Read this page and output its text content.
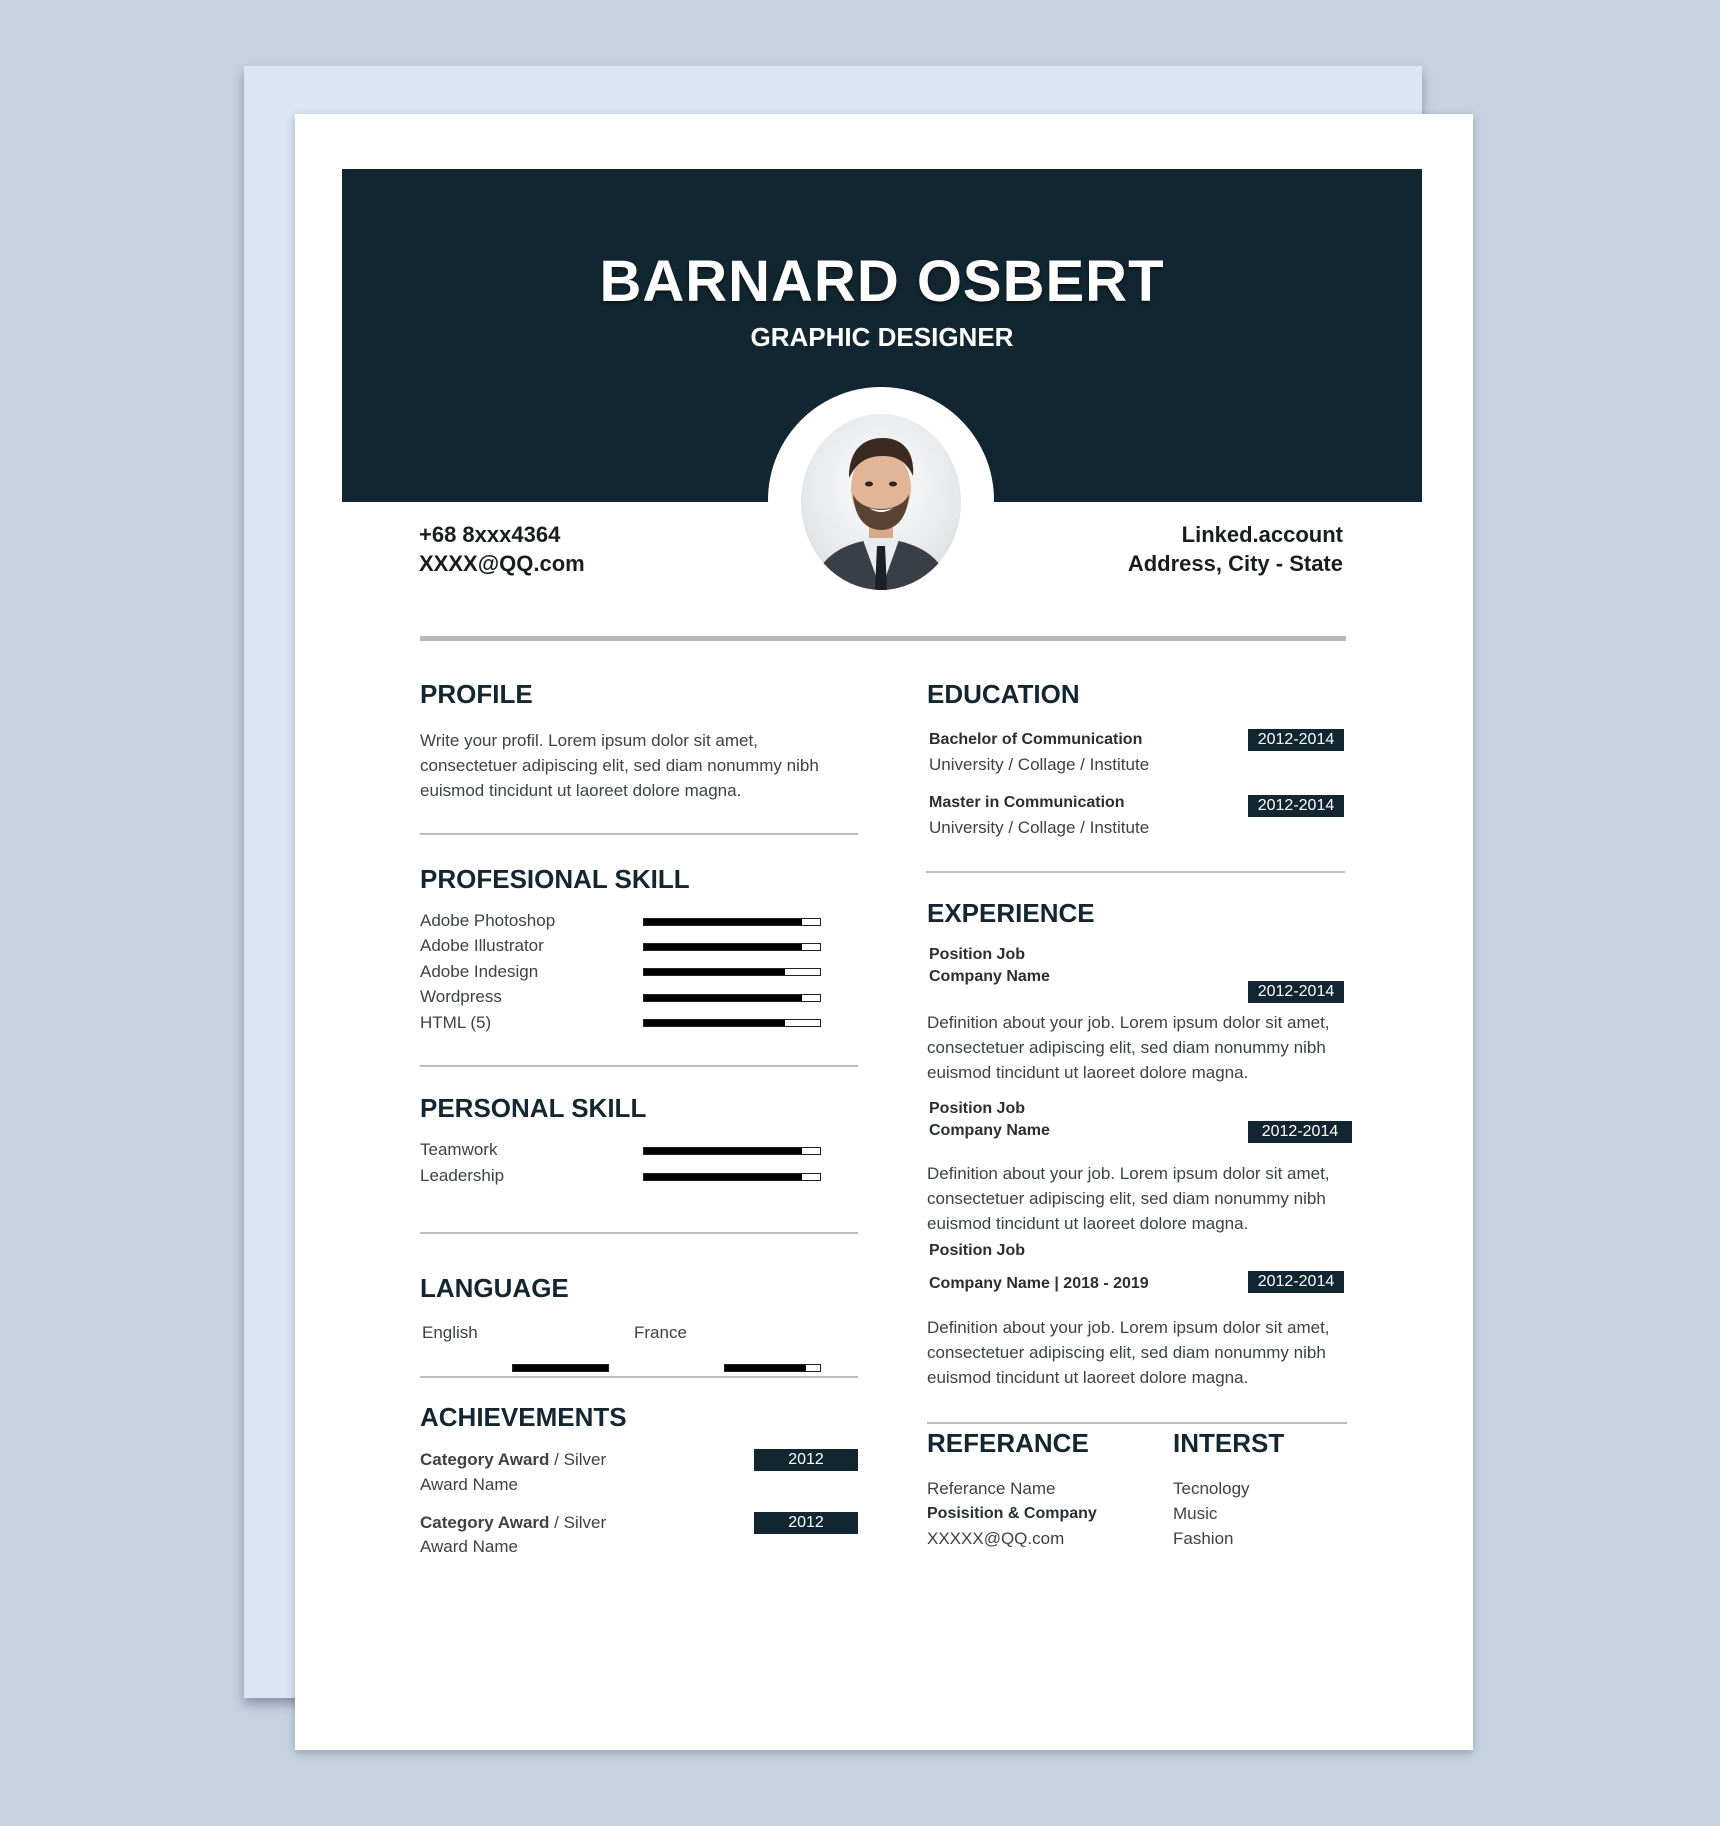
BARNARD OSBERT
GRAPHIC DESIGNER
+68 8xxx4364
XXXX@QQ.com
Linked.account
Address, City - State
PROFILE
Write your profil. Lorem ipsum dolor sit amet,
consectetuer adipiscing elit, sed diam nonummy nibh
euismod tincidunt ut laoreet dolore magna.
PROFESIONAL SKILL
Adobe Photoshop
Adobe Illustrator
Adobe Indesign
Wordpress
HTML (5)
PERSONAL SKILL
Teamwork
Leadership
LANGUAGE
English	France
ACHIEVEMENTS
Category Award / Silver
Award Name
2012
Category Award / Silver
Award Name
2012
EDUCATION
Bachelor of Communication
University / Collage / Institute
2012-2014
Master in Communication
University / Collage / Institute
2012-2014
EXPERIENCE
Position Job
Company Name
2012-2014
Definition about your job. Lorem ipsum dolor sit amet,
consectetuer adipiscing elit, sed diam nonummy nibh
euismod tincidunt ut laoreet dolore magna.
Position Job
Company Name	2012-2014
Definition about your job. Lorem ipsum dolor sit amet,
consectetuer adipiscing elit, sed diam nonummy nibh
euismod tincidunt ut laoreet dolore magna.
Position Job
Company Name | 2018 - 2019	2012-2014
Definition about your job. Lorem ipsum dolor sit amet,
consectetuer adipiscing elit, sed diam nonummy nibh
euismod tincidunt ut laoreet dolore magna.
REFERANCE
Referance Name
Posisition & Company
XXXXX@QQ.com
INTERST
Tecnology
Music
Fashion
